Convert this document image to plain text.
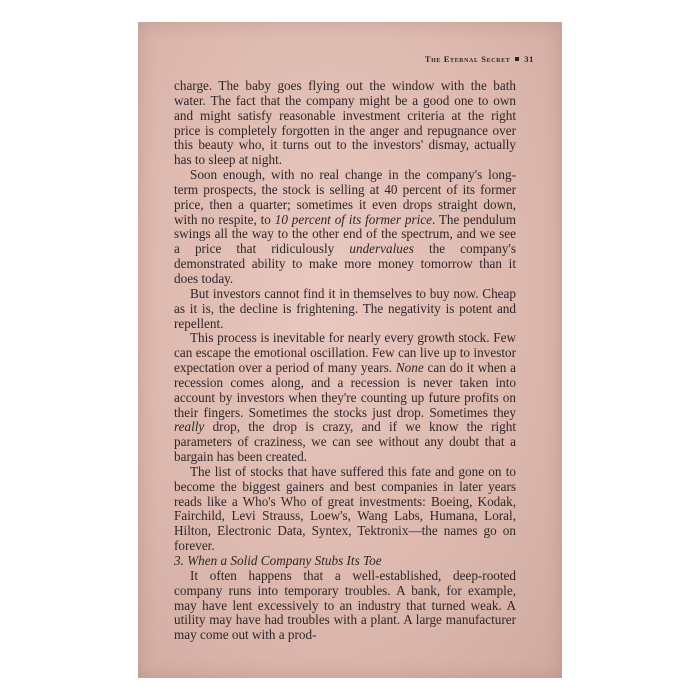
The Eternal Secret 31

charge. The baby goes flying out the window with the bath water. The fact that the company might be a good one to own and might satisfy reasonable investment criteria at the right price is completely forgotten in the anger and repugnance over this beauty who, it turns out to the investors' dismay, actually has to sleep at night.

Soon enough, with no real change in the company's long-term prospects, the stock is selling at 40 percent of its former price, then a quarter; sometimes it even drops straight down, with no respite, to 10 percent of its former price. The pendulum swings all the way to the other end of the spectrum, and we see a price that ridiculously undervalues the company's demonstrated ability to make more money tomorrow than it does today.

But investors cannot find it in themselves to buy now. Cheap as it is, the decline is frightening. The negativity is potent and repellent.

This process is inevitable for nearly every growth stock. Few can escape the emotional oscillation. Few can live up to investor expectation over a period of many years. None can do it when a recession comes along, and a recession is never taken into account by investors when they're counting up future profits on their fingers. Sometimes the stocks just drop. Sometimes they really drop, the drop is crazy, and if we know the right parameters of craziness, we can see without any doubt that a bargain has been created.

The list of stocks that have suffered this fate and gone on to become the biggest gainers and best companies in later years reads like a Who's Who of great investments: Boeing, Kodak, Fairchild, Levi Strauss, Loew's, Wang Labs, Humana, Loral, Hilton, Electronic Data, Syntex, Tektronix—the names go on forever.

3. When a Solid Company Stubs Its Toe

It often happens that a well-established, deep-rooted company runs into temporary troubles. A bank, for example, may have lent excessively to an industry that turned weak. A utility may have had troubles with a plant. A large manufacturer may come out with a prod-
